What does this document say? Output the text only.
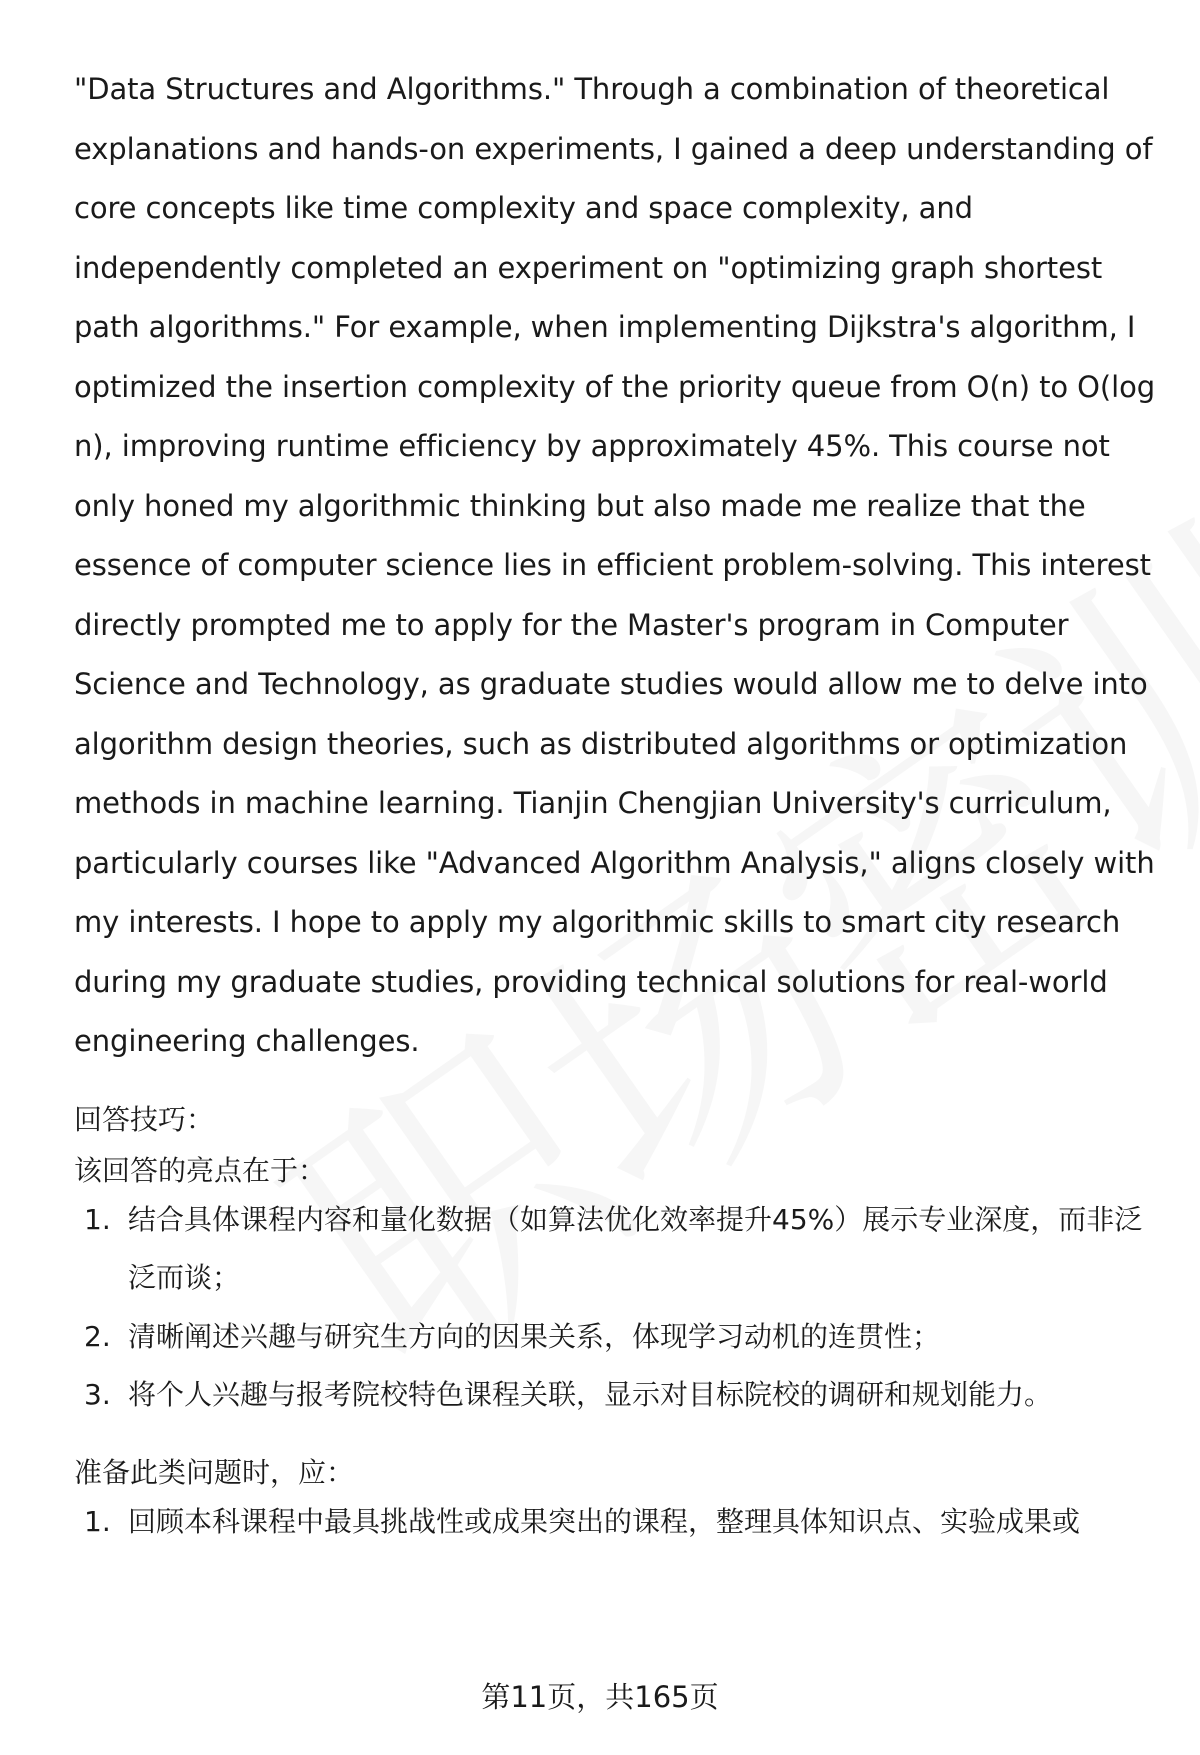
"Data Structures and Algorithms." Through a combination of theoretical explanations and hands-on experiments, I gained a deep understanding of core concepts like time complexity and space complexity, and independently completed an experiment on "optimizing graph shortest path algorithms." For example, when implementing Dijkstra's algorithm, I optimized the insertion complexity of the priority queue from O(n) to O(log n), improving runtime efficiency by approximately 45%. This course not only honed my algorithmic thinking but also made me realize that the essence of computer science lies in efficient problem-solving. This interest directly prompted me to apply for the Master's program in Computer Science and Technology, as graduate studies would allow me to delve into algorithm design theories, such as distributed algorithms or optimization methods in machine learning. Tianjin Chengjian University's curriculum, particularly courses like "Advanced Algorithm Analysis," aligns closely with my interests. I hope to apply my algorithmic skills to smart city research during my graduate studies, providing technical solutions for real-world engineering challenges.

回答技巧：

该回答的亮点在于：

1. 结合具体课程内容和量化数据（如算法优化效率提升45%）展示专业深度，而非泛泛而谈；
2. 清晰阐述兴趣与研究生方向的因果关系，体现学习动机的连贯性；
3. 将个人兴趣与报考院校特色课程关联，显示对目标院校的调研和规划能力。

准备此类问题时，应：

1. 回顾本科课程中最具挑战性或成果突出的课程，整理具体知识点、实验成果或
第11页，共165页
